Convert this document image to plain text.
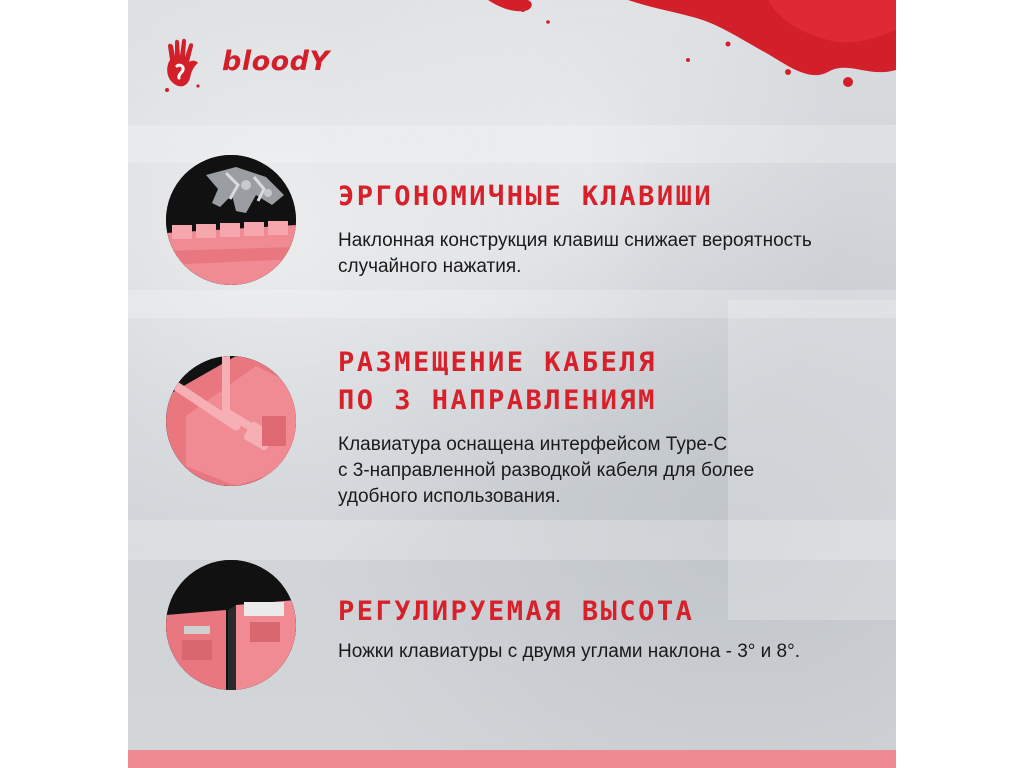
bloodY
ЭРГОНОМИЧНЫЕ КЛАВИШИ
Наклонная конструкция клавиш снижает вероятность
случайного нажатия.
РАЗМЕЩЕНИЕ КАБЕЛЯ
ПО 3 НАПРАВЛЕНИЯМ
Клавиатура оснащена интерфейсом Type-C
с 3-направленной разводкой кабеля для более
удобного использования.
РЕГУЛИРУЕМАЯ ВЫСОТА
Ножки клавиатуры с двумя углами наклона - 3° и 8°.
